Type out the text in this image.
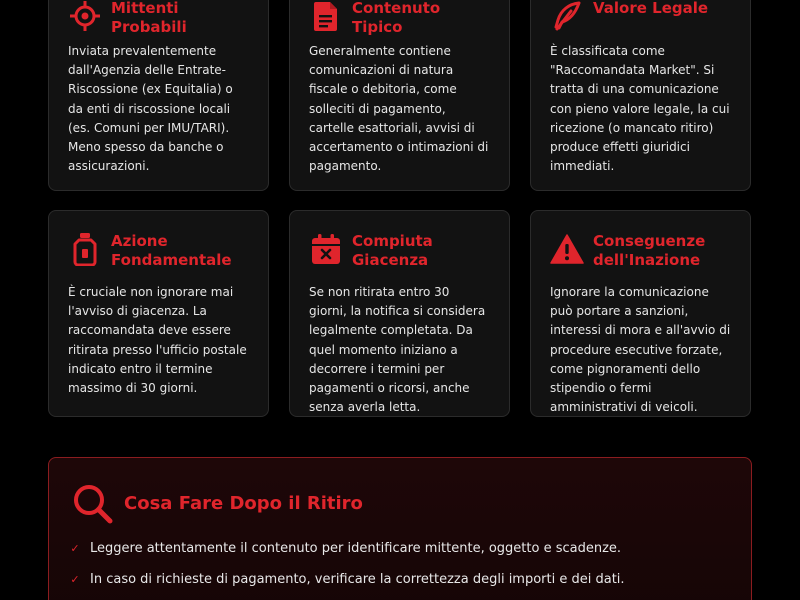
Mittenti Probabili

Inviata prevalentemente dall'Agenzia delle Entrate-Riscossione (ex Equitalia) o da enti di riscossione locali (es. Comuni per IMU/TARI). Meno spesso da banche o assicurazioni.

Contenuto Tipico

Generalmente contiene comunicazioni di natura fiscale o debitoria, come solleciti di pagamento, cartelle esattoriali, avvisi di accertamento o intimazioni di pagamento.

Valore Legale

È classificata come "Raccomandata Market". Si tratta di una comunicazione con pieno valore legale, la cui ricezione (o mancato ritiro) produce effetti giuridici immediati.

Azione Fondamentale

È cruciale non ignorare mai l'avviso di giacenza. La raccomandata deve essere ritirata presso l'ufficio postale indicato entro il termine massimo di 30 giorni.

Compiuta Giacenza

Se non ritirata entro 30 giorni, la notifica si considera legalmente completata. Da quel momento iniziano a decorrere i termini per pagamenti o ricorsi, anche senza averla letta.

Conseguenze dell'Inazione

Ignorare la comunicazione può portare a sanzioni, interessi di mora e all'avvio di procedure esecutive forzate, come pignoramenti dello stipendio o fermi amministrativi di veicoli.

Cosa Fare Dopo il Ritiro
✓ Leggere attentamente il contenuto per identificare mittente, oggetto e scadenze.
✓ In caso di richieste di pagamento, verificare la correttezza degli importi e dei dati.
